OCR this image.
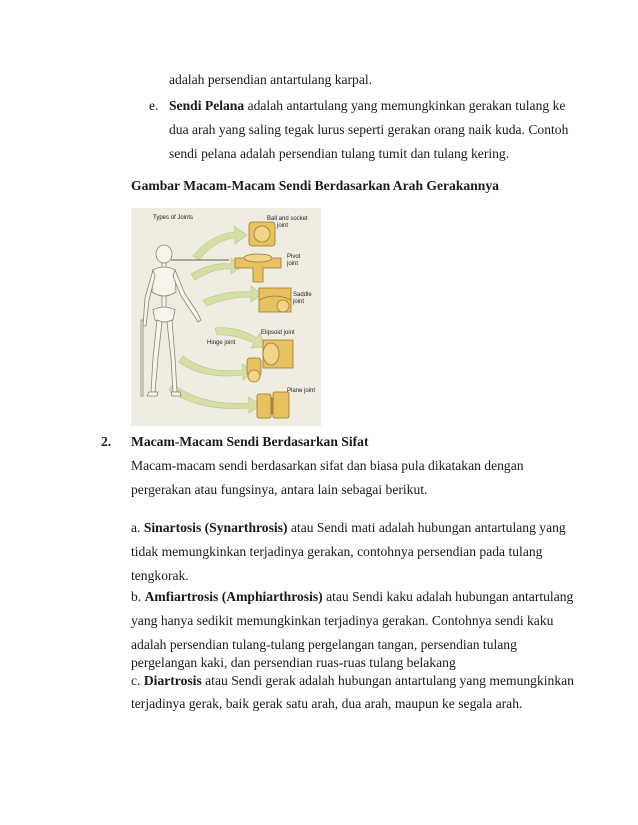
adalah persendian antartulang karpal.
e. Sendi Pelana adalah antartulang yang memungkinkan gerakan tulang ke
dua arah yang saling tegak lurus seperti gerakan orang naik kuda. Contoh
sendi pelana adalah persendian tulang tumit dan tulang kering.
Gambar Macam-Macam Sendi Berdasarkan Arah Gerakannya
Types of Joints	Ball and socket
joint
Pivot
joint
Saddle
joint
Elipsoid joint
Hinge joint
Plane joint
2. Macam-Macam Sendi Berdasarkan Sifat
Macam-macam sendi berdasarkan sifat dan biasa pula dikatakan dengan
pergerakan atau fungsinya, antara lain sebagai berikut.
a. Sinartosis (Synarthrosis) atau Sendi mati adalah hubungan antartulang yang
tidak memungkinkan terjadinya gerakan, contohnya persendian pada tulang
tengkorak.
b. Amfiartrosis (Amphiarthrosis) atau Sendi kaku adalah hubungan antartulang
yang hanya sedikit memungkinkan terjadinya gerakan. Contohnya sendi kaku
adalah persendian tulang-tulang pergelangan tangan, persendian tulang
pergelangan kaki, dan persendian ruas-ruas tulang belakang
c. Diartrosis atau Sendi gerak adalah hubungan antartulang yang memungkinkan
terjadinya gerak, baik gerak satu arah, dua arah, maupun ke segala arah.
